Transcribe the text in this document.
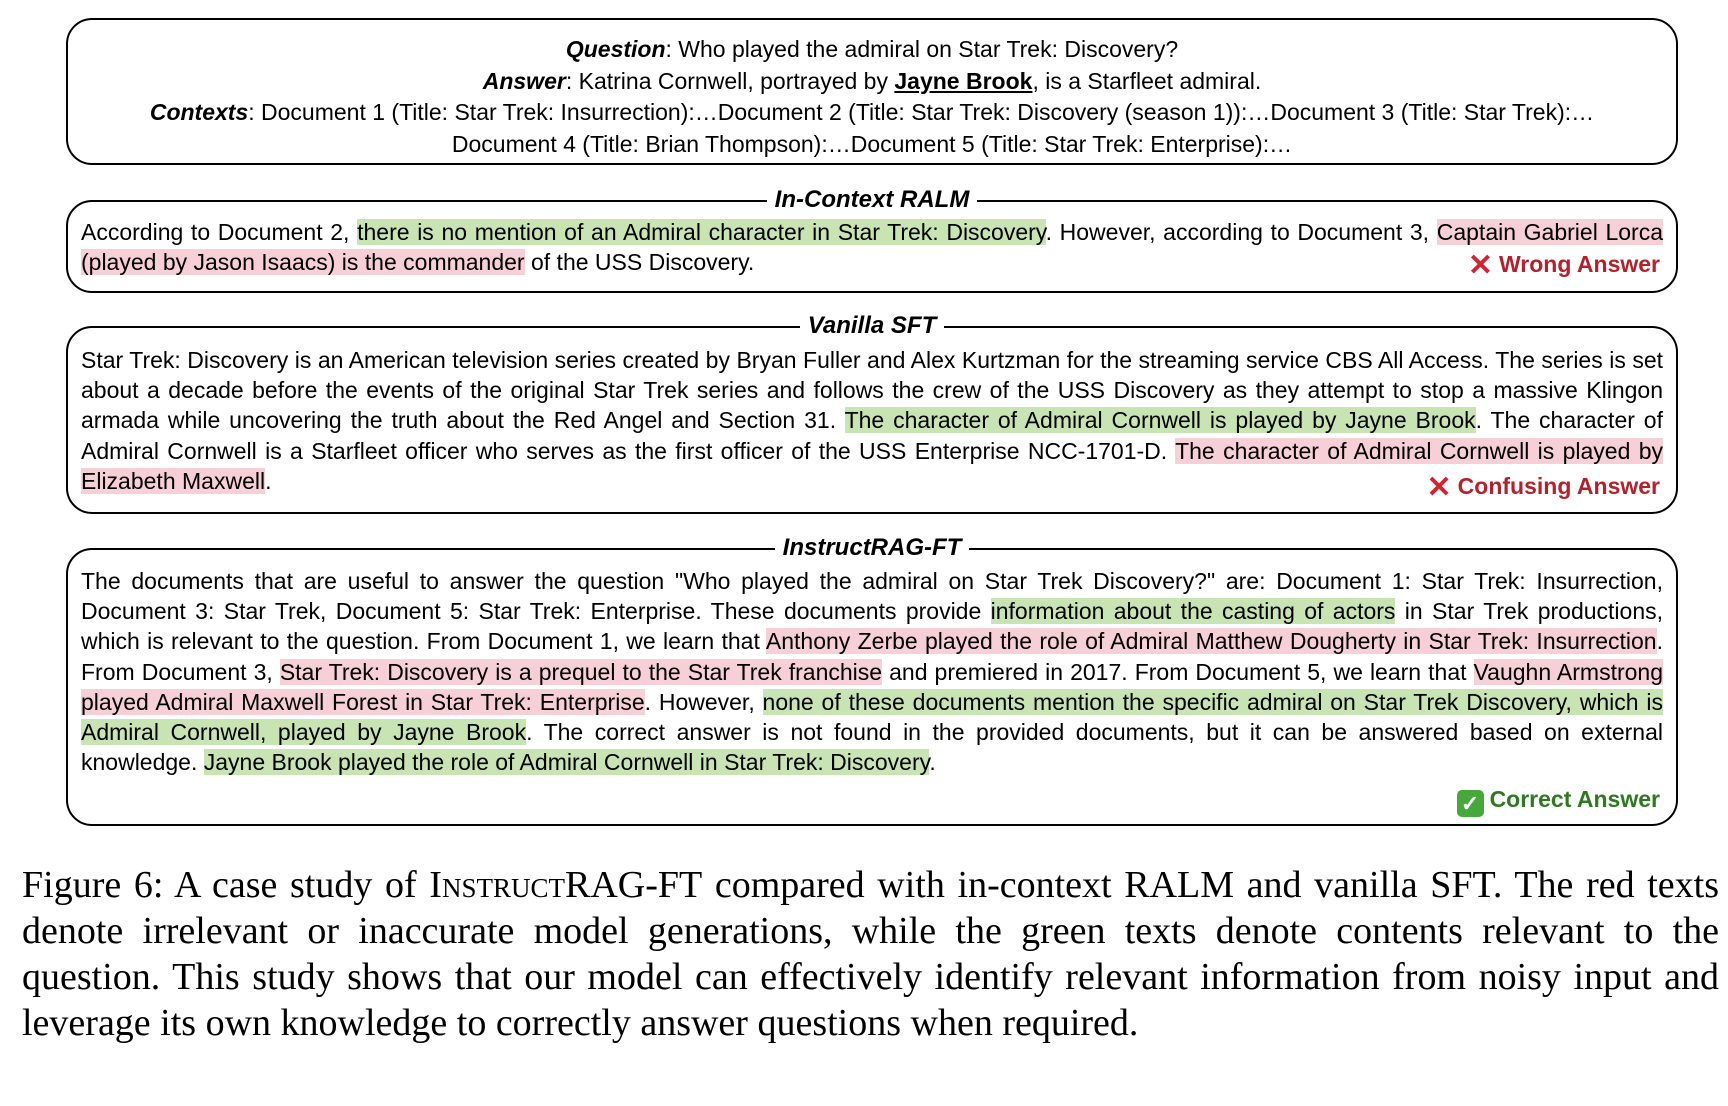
Question: Who played the admiral on Star Trek: Discovery?
Answer: Katrina Cornwell, portrayed by Jayne Brook, is a Starfleet admiral.
Contexts: Document 1 (Title: Star Trek: Insurrection):…Document 2 (Title: Star Trek: Discovery (season 1)):…Document 3 (Title: Star Trek):…
Document 4 (Title: Brian Thompson):…Document 5 (Title: Star Trek: Enterprise):…
In-Context RALM
According to Document 2, there is no mention of an Admiral character in Star Trek: Discovery. However, according to Document 3, Captain Gabriel Lorca (played by Jason Isaacs) is the commander of the USS Discovery.	✕ Wrong Answer
Vanilla SFT
Star Trek: Discovery is an American television series created by Bryan Fuller and Alex Kurtzman for the streaming service CBS All Access. The series is set about a decade before the events of the original Star Trek series and follows the crew of the USS Discovery as they attempt to stop a massive Klingon armada while uncovering the truth about the Red Angel and Section 31. The character of Admiral Cornwell is played by Jayne Brook. The character of Admiral Cornwell is a Starfleet officer who serves as the first officer of the USS Enterprise NCC-1701-D. The character of Admiral Cornwell is played by Elizabeth Maxwell.	✕ Confusing Answer
InstructRAG-FT
The documents that are useful to answer the question "Who played the admiral on Star Trek Discovery?" are: Document 1: Star Trek: Insurrection, Document 3: Star Trek, Document 5: Star Trek: Enterprise. These documents provide information about the casting of actors in Star Trek productions, which is relevant to the question. From Document 1, we learn that Anthony Zerbe played the role of Admiral Matthew Dougherty in Star Trek: Insurrection. From Document 3, Star Trek: Discovery is a prequel to the Star Trek franchise and premiered in 2017. From Document 5, we learn that Vaughn Armstrong played Admiral Maxwell Forest in Star Trek: Enterprise. However, none of these documents mention the specific admiral on Star Trek Discovery, which is Admiral Cornwell, played by Jayne Brook. The correct answer is not found in the provided documents, but it can be answered based on external knowledge. Jayne Brook played the role of Admiral Cornwell in Star Trek: Discovery.
✓ Correct Answer
Figure 6: A case study of InstructRAG-FT compared with in-context RALM and vanilla SFT. The red texts denote irrelevant or inaccurate model generations, while the green texts denote contents relevant to the question. This study shows that our model can effectively identify relevant information from noisy input and leverage its own knowledge to correctly answer questions when required.
